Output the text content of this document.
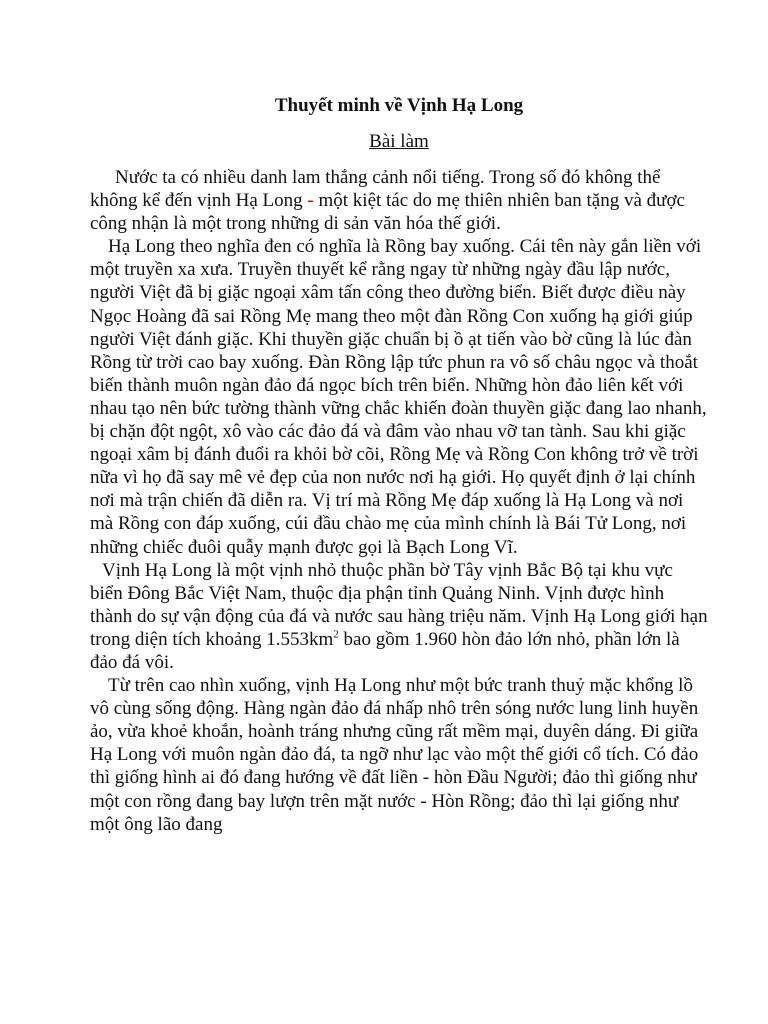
Thuyết minh về Vịnh Hạ Long
Bài làm

Nước ta có nhiều danh lam thắng cảnh nổi tiếng. Trong số đó không thể không kể đến vịnh Hạ Long - một kiệt tác do mẹ thiên nhiên ban tặng và được công nhận là một trong những di sản văn hóa thế giới.

Hạ Long theo nghĩa đen có nghĩa là Rồng bay xuống. Cái tên này gắn liền với một truyền xa xưa. Truyền thuyết kể rằng ngay từ những ngày đầu lập nước, người Việt đã bị giặc ngoại xâm tấn công theo đường biển. Biết được điều này Ngọc Hoàng đã sai Rồng Mẹ mang theo một đàn Rồng Con xuống hạ giới giúp người Việt đánh giặc. Khi thuyền giặc chuẩn bị ồ ạt tiến vào bờ cũng là lúc đàn Rồng từ trời cao bay xuống. Đàn Rồng lập tức phun ra vô số châu ngọc và thoắt biến thành muôn ngàn đảo đá ngọc bích trên biển. Những hòn đảo liên kết với nhau tạo nên bức tường thành vững chắc khiến đoàn thuyền giặc đang lao nhanh, bị chặn đột ngột, xô vào các đảo đá và đâm vào nhau vỡ tan tành. Sau khi giặc ngoại xâm bị đánh đuổi ra khỏi bờ cõi, Rồng Mẹ và Rồng Con không trở về trời nữa vì họ đã say mê vẻ đẹp của non nước nơi hạ giới. Họ quyết định ở lại chính nơi mà trận chiến đã diễn ra. Vị trí mà Rồng Mẹ đáp xuống là Hạ Long và nơi mà Rồng con đáp xuống, cúi đầu chào mẹ của mình chính là Bái Tử Long, nơi những chiếc đuôi quẫy mạnh được gọi là Bạch Long Vĩ.

Vịnh Hạ Long là một vịnh nhỏ thuộc phần bờ Tây vịnh Bắc Bộ tại khu vực biển Đông Bắc Việt Nam, thuộc địa phận tỉnh Quảng Ninh. Vịnh được hình thành do sự vận động của đá và nước sau hàng triệu năm. Vịnh Hạ Long giới hạn trong diện tích khoảng $1.553km^2$ bao gồm 1.960 hòn đảo lớn nhỏ, phần lớn là đảo đá vôi.

Từ trên cao nhìn xuống, vịnh Hạ Long như một bức tranh thuỷ mặc khổng lồ vô cùng sống động. Hàng ngàn đảo đá nhấp nhô trên sóng nước lung linh huyền ảo, vừa khoẻ khoắn, hoành tráng nhưng cũng rất mềm mại, duyên dáng. Đi giữa Hạ Long với muôn ngàn đảo đá, ta ngỡ như lạc vào một thế giới cổ tích. Có đảo thì giống hình ai đó đang hướng về đất liền - hòn Đầu Người; đảo thì giống như một con rồng đang bay lượn trên mặt nước - Hòn Rồng; đảo thì lại giống như một ông lão đang
